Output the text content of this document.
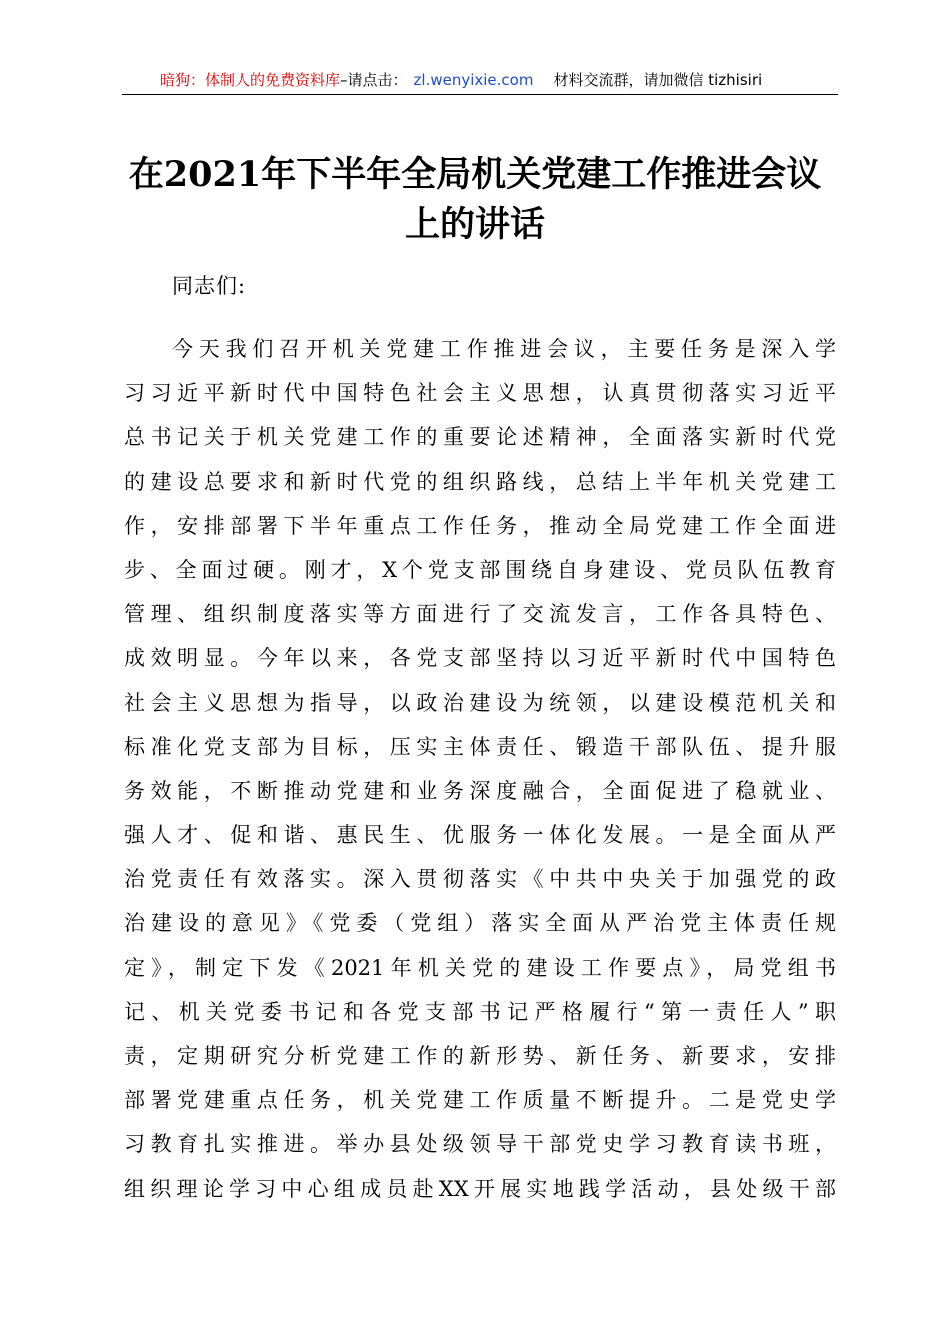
暗狗：体制人的免费资料库–请点击： zl.wenyixie.com 材料交流群，请加微信 tizhisiri
在2021年下半年全局机关党建工作推进会议
上的讲话
同志们:
今天我们召开机关党建工作推进会议，主要任务是深入学
习习近平新时代中国特色社会主义思想，认真贯彻落实习近平
总书记关于机关党建工作的重要论述精神，全面落实新时代党
的建设总要求和新时代党的组织路线，总结上半年机关党建工
作，安排部署下半年重点工作任务，推动全局党建工作全面进
步、全面过硬。刚才，X个党支部围绕自身建设、党员队伍教育
管理、组织制度落实等方面进行了交流发言，工作各具特色、
成效明显。今年以来，各党支部坚持以习近平新时代中国特色
社会主义思想为指导，以政治建设为统领，以建设模范机关和
标准化党支部为目标，压实主体责任、锻造干部队伍、提升服
务效能，不断推动党建和业务深度融合，全面促进了稳就业、
强人才、促和谐、惠民生、优服务一体化发展。一是全面从严
治党责任有效落实。深入贯彻落实《中共中央关于加强党的政
治建设的意见》《党委（党组）落实全面从严治党主体责任规
定》，制定下发《2021年机关党的建设工作要点》，局党组书
记、机关党委书记和各党支部书记严格履行“第一责任人”职
责，定期研究分析党建工作的新形势、新任务、新要求，安排
部署党建重点任务，机关党建工作质量不断提升。二是党史学
习教育扎实推进。举办县处级领导干部党史学习教育读书班，
组织理论学习中心组成员赴XX开展实地践学活动，县处级干部
